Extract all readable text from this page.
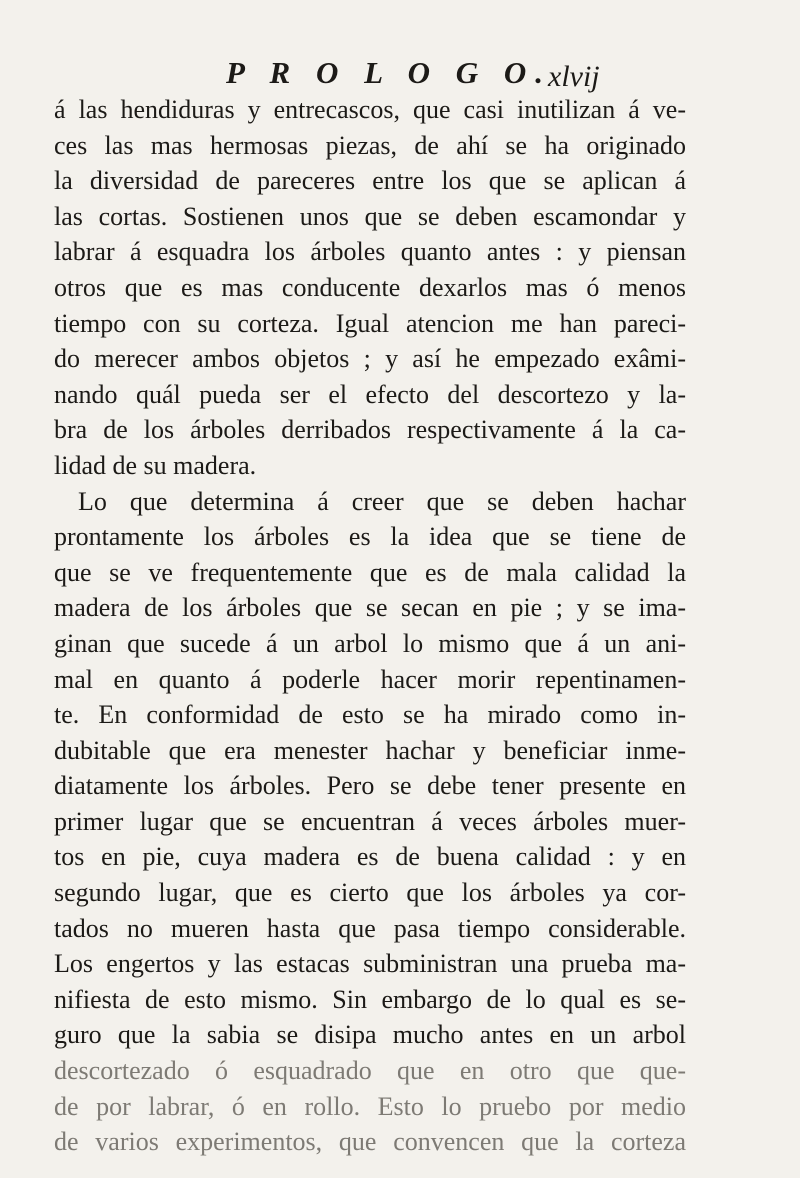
P R O L O G O.
xlvij
á las hendiduras y entrecascos, que casi inutilizan á ve-
ces las mas hermosas piezas, de ahí se ha originado
la diversidad de pareceres entre los que se aplican á
las cortas. Sostienen unos que se deben escamondar y
labrar á esquadra los árboles quanto antes : y piensan
otros que es mas conducente dexarlos mas ó menos
tiempo con su corteza. Igual atencion me han pareci-
do merecer ambos objetos ; y así he empezado exâmi-
nando quál pueda ser el efecto del descortezo y la-
bra de los árboles derribados respectivamente á la ca-
lidad de su madera.
Lo que determina á creer que se deben hachar
prontamente los árboles es la idea que se tiene de
que se ve frequentemente que es de mala calidad la
madera de los árboles que se secan en pie ; y se ima-
ginan que sucede á un arbol lo mismo que á un ani-
mal en quanto á poderle hacer morir repentinamen-
te. En conformidad de esto se ha mirado como in-
dubitable que era menester hachar y beneficiar inme-
diatamente los árboles. Pero se debe tener presente en
primer lugar que se encuentran á veces árboles muer-
tos en pie, cuya madera es de buena calidad : y en
segundo lugar, que es cierto que los árboles ya cor-
tados no mueren hasta que pasa tiempo considerable.
Los engertos y las estacas subministran una prueba ma-
nifiesta de esto mismo. Sin embargo de lo qual es se-
guro que la sabia se disipa mucho antes en un arbol
descortezado ó esquadrado que en otro que que-
de por labrar, ó en rollo. Esto lo pruebo por medio
de varios experimentos, que convencen que la corteza
